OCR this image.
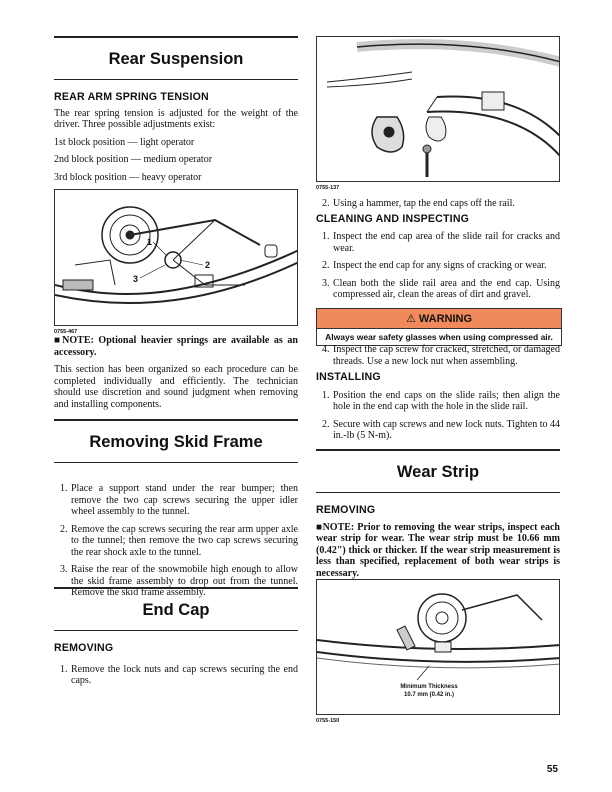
Rear Suspension

REAR ARM SPRING TENSION

The rear spring tension is adjusted for the weight of the driver. Three possible adjustments exist:

1st block position — light operator

2nd block position — medium operator

3rd block position — heavy operator

1
2
3

0755-467

■NOTE: Optional heavier springs are available as an accessory.

This section has been organized so each procedure can be completed individually and efficiently. The technician should use discretion and sound judgment when removing and installing components.

Removing Skid Frame
1. Place a support stand under the rear bumper; then remove the two cap screws securing the upper idler wheel assembly to the tunnel.
2. Remove the cap screws securing the rear arm upper axle to the tunnel; then remove the two cap screws securing the rear shock axle to the tunnel.
3. Raise the rear of the snowmobile high enough to allow the skid frame assembly to drop out from the tunnel. Remove the skid frame assembly.
End Cap

REMOVING

1. Remove the lock nuts and cap screws securing the end caps.

0755-137

2. Using a hammer, tap the end caps off the rail.

CLEANING AND INSPECTING

1. Inspect the end cap area of the slide rail for cracks and wear.
2. Inspect the end cap for any signs of cracking or wear.
3. Clean both the slide rail area and the end cap. Using compressed air, clean the areas of dirt and gravel.
⚠ WARNING
Always wear safety glasses when using compressed air.
4. Inspect the cap screw for cracked, stretched, or damaged threads. Use a new lock nut when assembling.

INSTALLING

1. Position the end caps on the slide rails; then align the hole in the end cap with the hole in the slide rail.
2. Secure with cap screws and new lock nuts. Tighten to 44 in.-lb (5 N-m).
Wear Strip

REMOVING

■NOTE: Prior to removing the wear strips, inspect each wear strip for wear. The wear strip must be 10.66 mm (0.42") thick or thicker. If the wear strip measurement is less than specified, replacement of both wear strips is necessary.

Minimum Thickness
10.7 mm (0.42 in.)

0755-150

55
